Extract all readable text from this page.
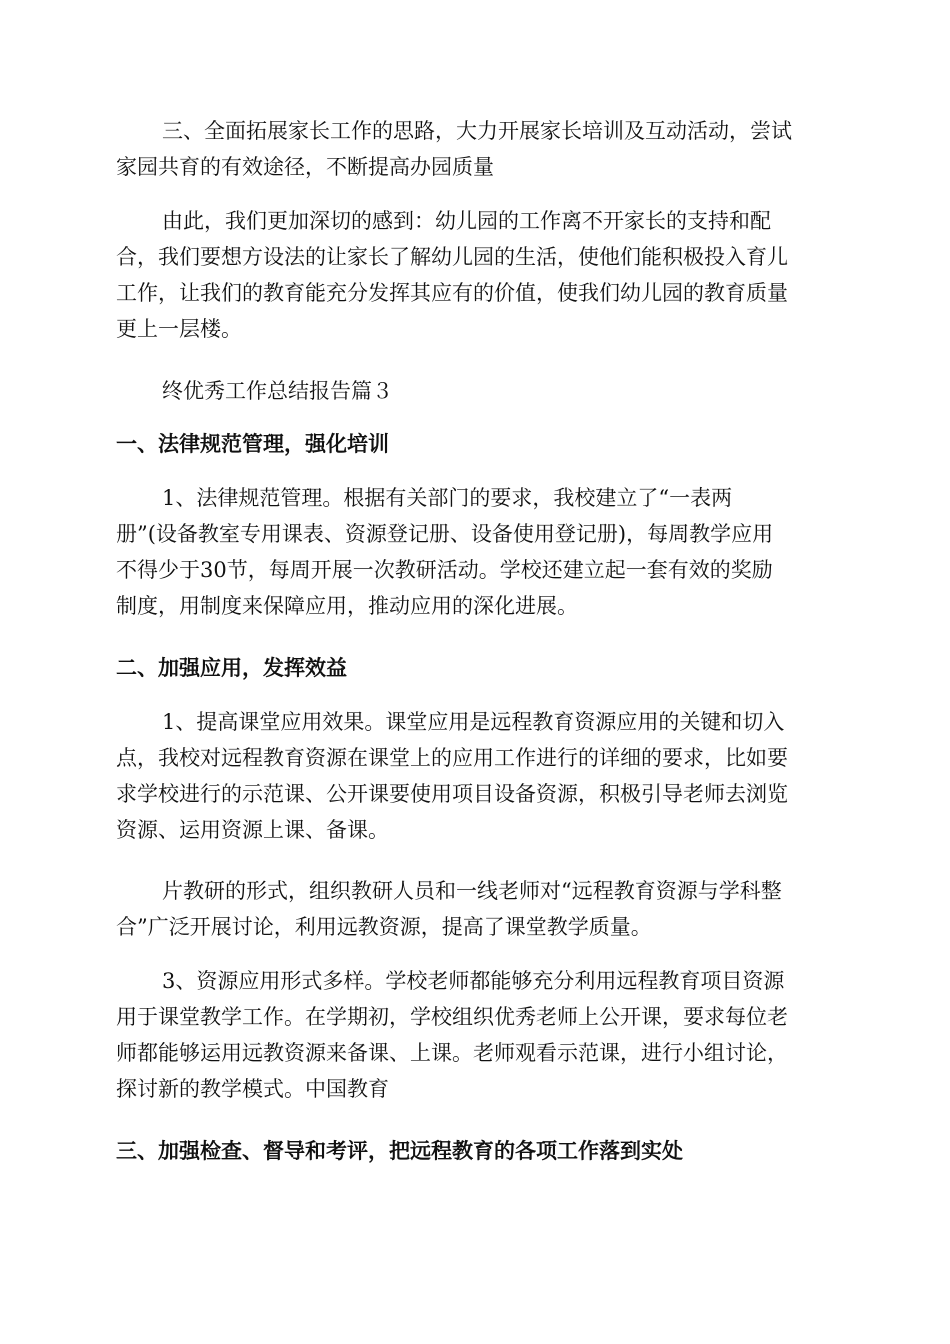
三、全面拓展家长工作的思路，大力开展家长培训及互动活动，尝试
家园共育的有效途径，不断提高办园质量
由此，我们更加深切的感到：幼儿园的工作离不开家长的支持和配
合，我们要想方设法的让家长了解幼儿园的生活，使他们能积极投入育儿
工作，让我们的教育能充分发挥其应有的价值，使我们幼儿园的教育质量
更上一层楼。
终优秀工作总结报告篇３
一、法律规范管理，强化培训
1、法律规范管理。根据有关部门的要求，我校建立了“一表两
册”(设备教室专用课表、资源登记册、设备使用登记册)，每周教学应用
不得少于30节，每周开展一次教研活动。学校还建立起一套有效的奖励
制度，用制度来保障应用，推动应用的深化进展。
二、加强应用，发挥效益
1、提高课堂应用效果。课堂应用是远程教育资源应用的关键和切入
点，我校对远程教育资源在课堂上的应用工作进行的详细的要求，比如要
求学校进行的示范课、公开课要使用项目设备资源，积极引导老师去浏览
资源、运用资源上课、备课。
片教研的形式，组织教研人员和一线老师对“远程教育资源与学科整
合”广泛开展讨论，利用远教资源，提高了课堂教学质量。
3、资源应用形式多样。学校老师都能够充分利用远程教育项目资源
用于课堂教学工作。在学期初，学校组织优秀老师上公开课，要求每位老
师都能够运用远教资源来备课、上课。老师观看示范课，进行小组讨论，
探讨新的教学模式。中国教育
三、加强检查、督导和考评，把远程教育的各项工作落到实处
